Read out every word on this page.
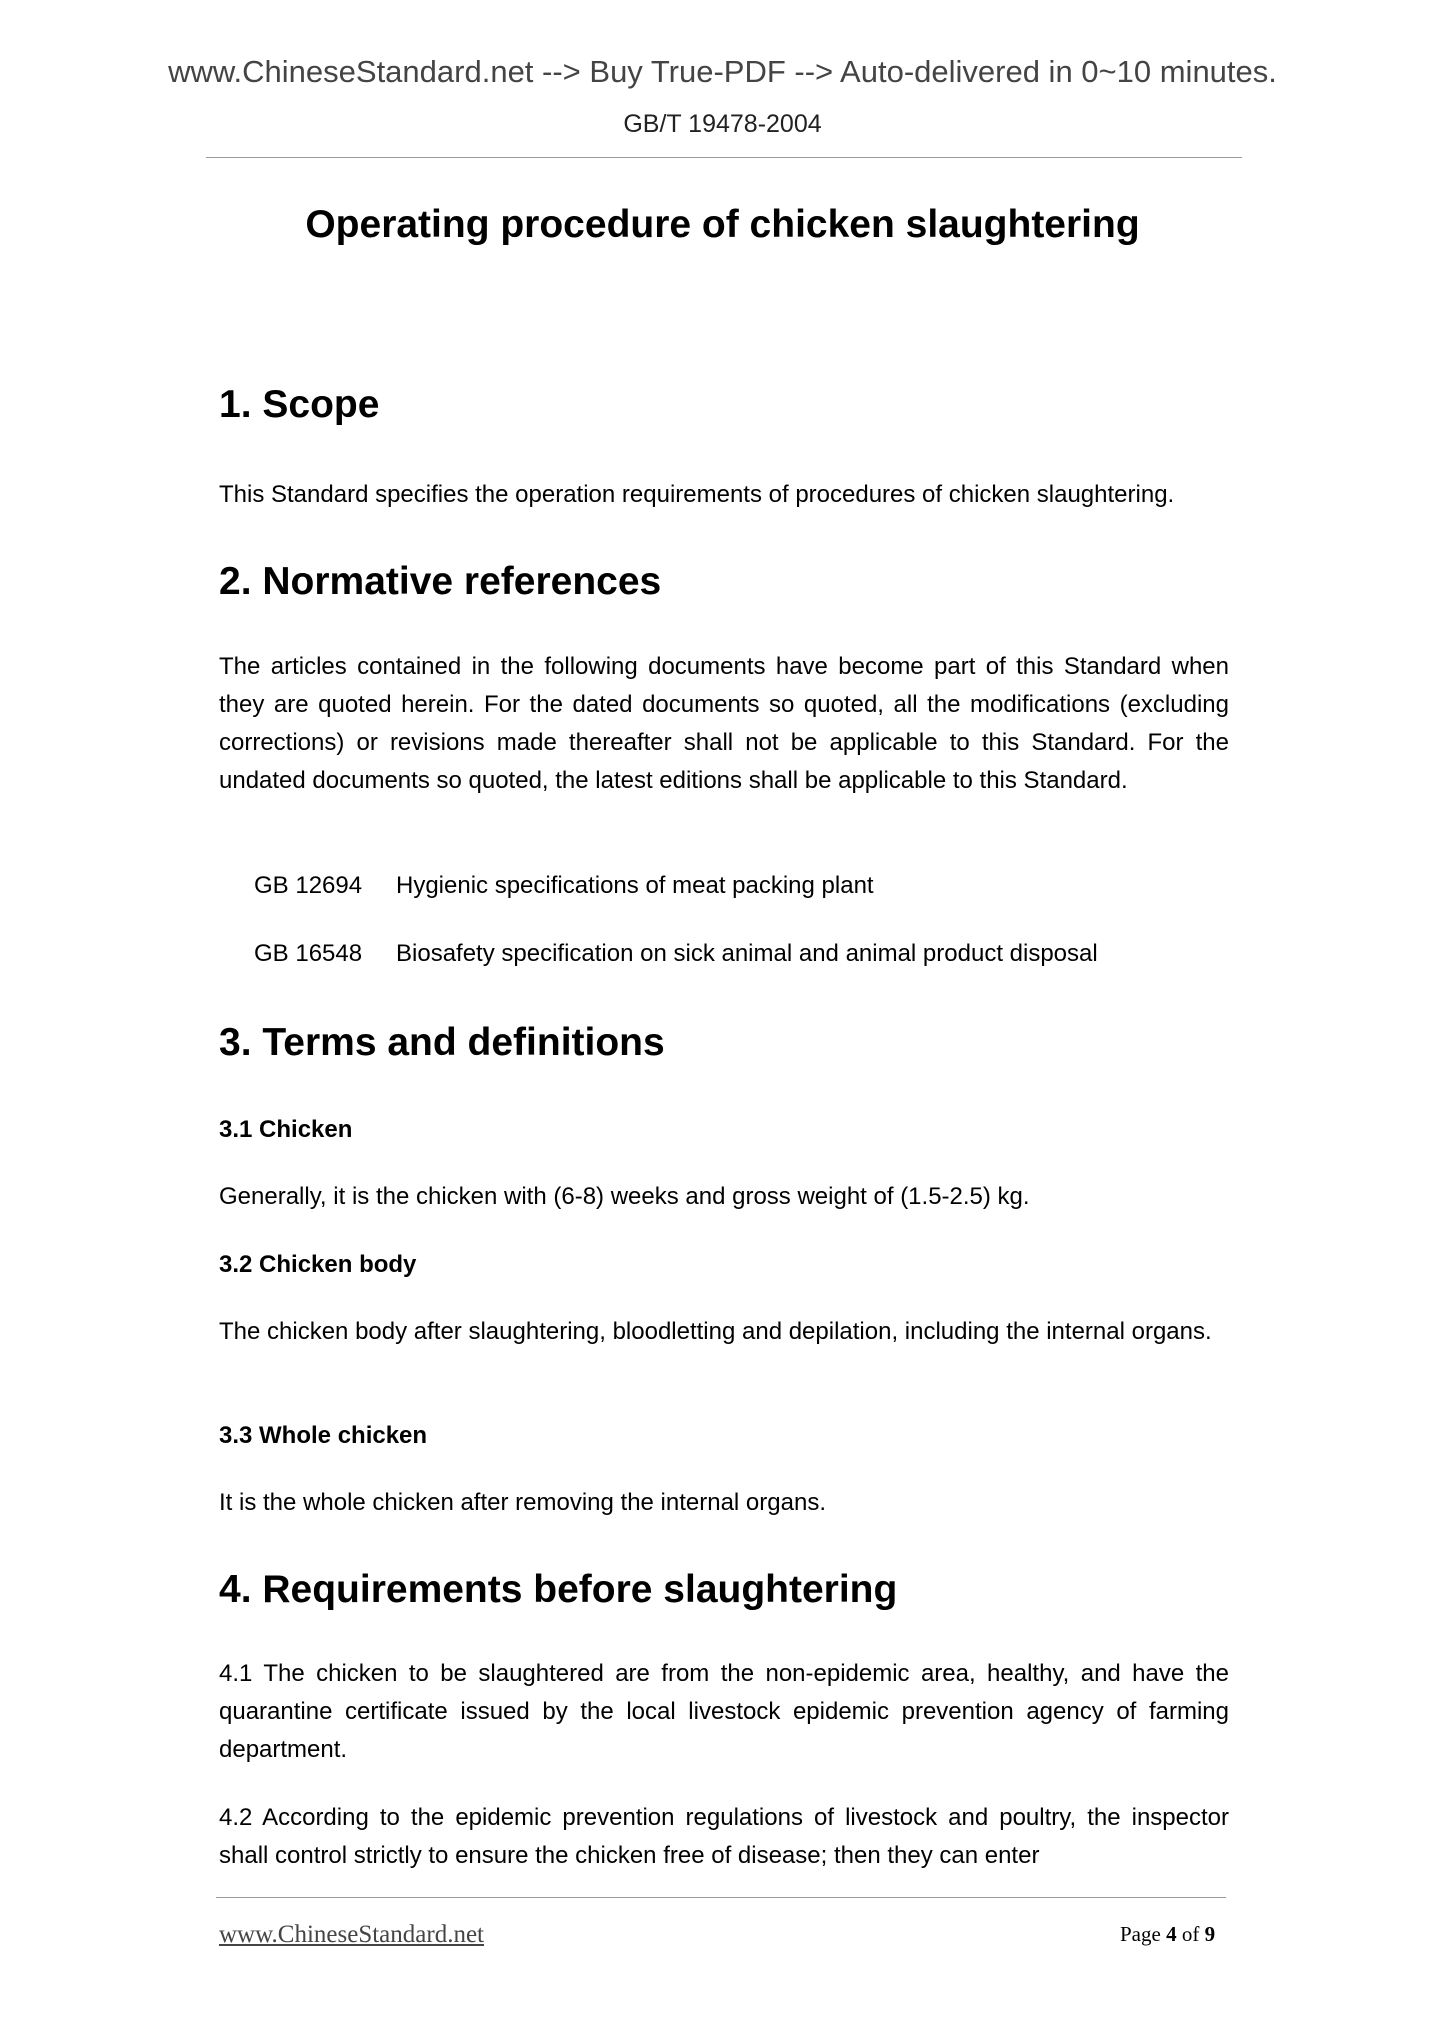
www.ChineseStandard.net --> Buy True-PDF --> Auto-delivered in 0~10 minutes.
GB/T 19478-2004
Operating procedure of chicken slaughtering
1. Scope
This Standard specifies the operation requirements of procedures of chicken slaughtering.
2. Normative references
The articles contained in the following documents have become part of this Standard when they are quoted herein. For the dated documents so quoted, all the modifications (excluding corrections) or revisions made thereafter shall not be applicable to this Standard. For the undated documents so quoted, the latest editions shall be applicable to this Standard.
GB 12694 Hygienic specifications of meat packing plant
GB 16548 Biosafety specification on sick animal and animal product disposal
3. Terms and definitions
3.1 Chicken
Generally, it is the chicken with (6-8) weeks and gross weight of (1.5-2.5) kg.
3.2 Chicken body
The chicken body after slaughtering, bloodletting and depilation, including the internal organs.
3.3 Whole chicken
It is the whole chicken after removing the internal organs.
4. Requirements before slaughtering
4.1 The chicken to be slaughtered are from the non-epidemic area, healthy, and have the quarantine certificate issued by the local livestock epidemic prevention agency of farming department.
4.2 According to the epidemic prevention regulations of livestock and poultry, the inspector shall control strictly to ensure the chicken free of disease; then they can enter
www.ChineseStandard.net	Page 4 of 9
